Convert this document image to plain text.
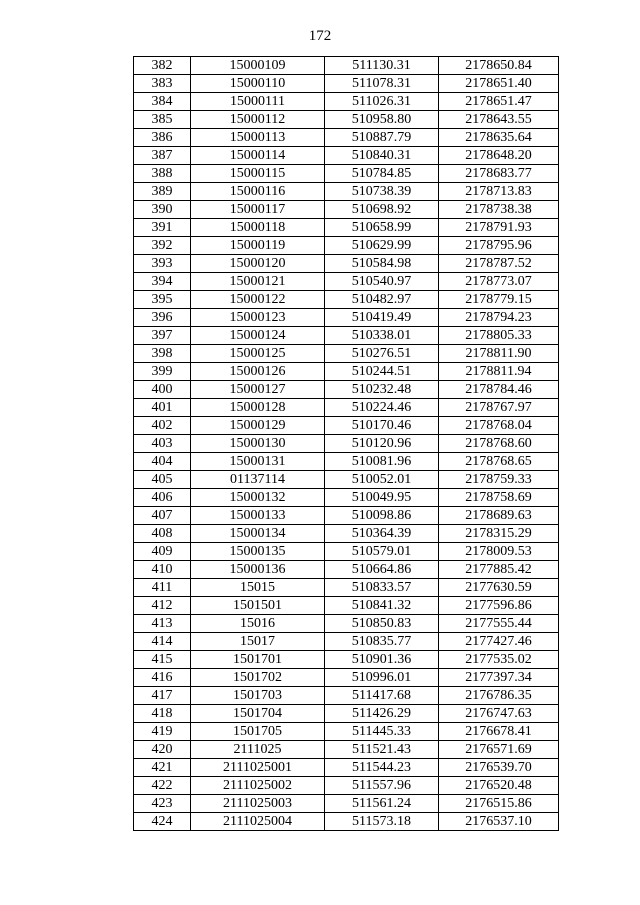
172
382	15000109	511130.31	2178650.84
383	15000110	511078.31	2178651.40
384	15000111	511026.31	2178651.47
385	15000112	510958.80	2178643.55
386	15000113	510887.79	2178635.64
387	15000114	510840.31	2178648.20
388	15000115	510784.85	2178683.77
389	15000116	510738.39	2178713.83
390	15000117	510698.92	2178738.38
391	15000118	510658.99	2178791.93
392	15000119	510629.99	2178795.96
393	15000120	510584.98	2178787.52
394	15000121	510540.97	2178773.07
395	15000122	510482.97	2178779.15
396	15000123	510419.49	2178794.23
397	15000124	510338.01	2178805.33
398	15000125	510276.51	2178811.90
399	15000126	510244.51	2178811.94
400	15000127	510232.48	2178784.46
401	15000128	510224.46	2178767.97
402	15000129	510170.46	2178768.04
403	15000130	510120.96	2178768.60
404	15000131	510081.96	2178768.65
405	01137114	510052.01	2178759.33
406	15000132	510049.95	2178758.69
407	15000133	510098.86	2178689.63
408	15000134	510364.39	2178315.29
409	15000135	510579.01	2178009.53
410	15000136	510664.86	2177885.42
411	15015	510833.57	2177630.59
412	1501501	510841.32	2177596.86
413	15016	510850.83	2177555.44
414	15017	510835.77	2177427.46
415	1501701	510901.36	2177535.02
416	1501702	510996.01	2177397.34
417	1501703	511417.68	2176786.35
418	1501704	511426.29	2176747.63
419	1501705	511445.33	2176678.41
420	2111025	511521.43	2176571.69
421	2111025001	511544.23	2176539.70
422	2111025002	511557.96	2176520.48
423	2111025003	511561.24	2176515.86
424	2111025004	511573.18	2176537.10
